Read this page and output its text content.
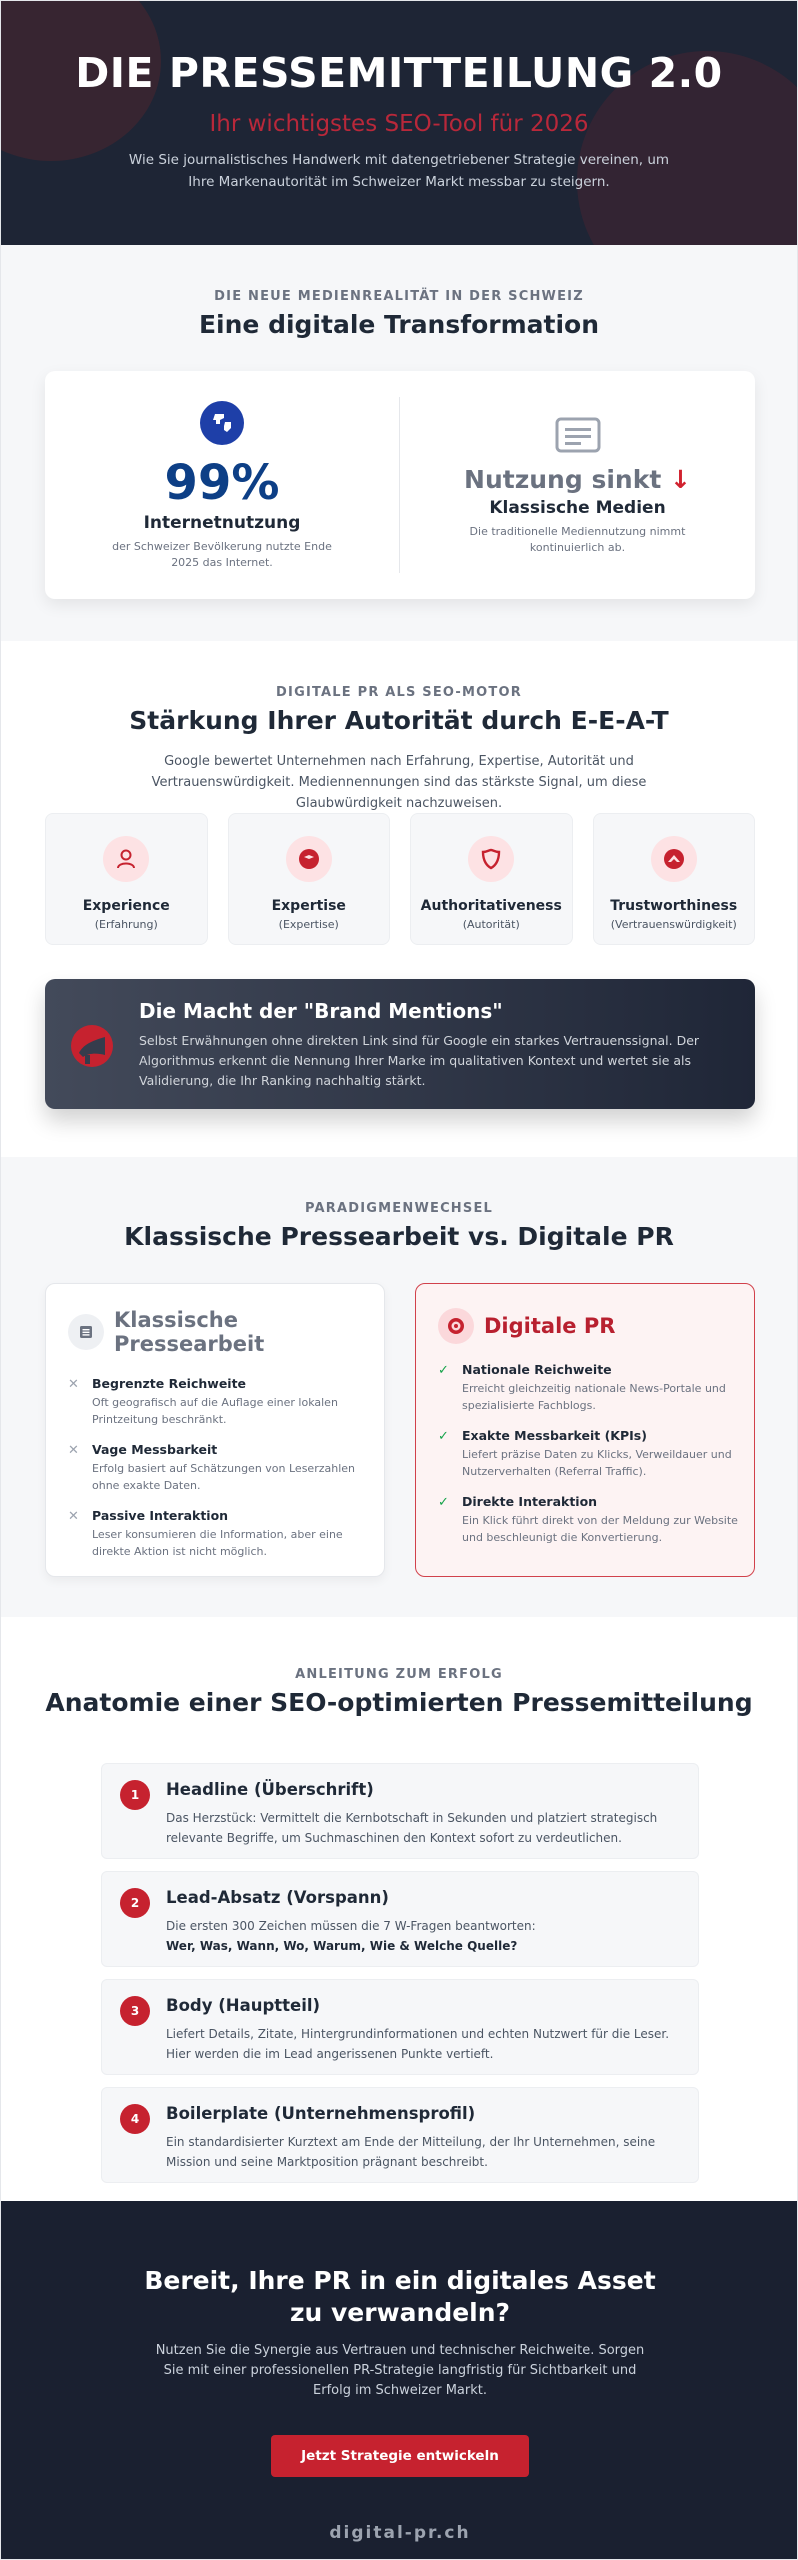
DIE PRESSEMITTEILUNG 2.0
Ihr wichtigstes SEO-Tool für 2026

Wie Sie journalistisches Handwerk mit datengetriebener Strategie vereinen, um Ihre Markenautorität im Schweizer Markt messbar zu steigern.

DIE NEUE MEDIENREALITÄT IN DER SCHWEIZ
Eine digitale Transformation
99%
Internetnutzung
der Schweizer Bevölkerung nutzte Ende 2025 das Internet.
Nutzung sinkt ↓
Klassische Medien
Die traditionelle Mediennutzung nimmt kontinuierlich ab.
DIGITALE PR ALS SEO-MOTOR
Stärkung Ihrer Autorität durch E-E-A-T

Google bewertet Unternehmen nach Erfahrung, Expertise, Autorität und Vertrauenswürdigkeit. Mediennennungen sind das stärkste Signal, um diese Glaubwürdigkeit nachzuweisen.

Experience
(Erfahrung)
Expertise
(Expertise)
Authoritativeness
(Autorität)
Trustworthiness
(Vertrauenswürdigkeit)
Die Macht der "Brand Mentions"
Selbst Erwähnungen ohne direkten Link sind für Google ein starkes Vertrauenssignal. Der Algorithmus erkennt die Nennung Ihrer Marke im qualitativen Kontext und wertet sie als Validierung, die Ihr Ranking nachhaltig stärkt.
PARADIGMENWECHSEL
Klassische Pressearbeit vs. Digitale PR
Klassische Pressearbeit
✕	Begrenzte Reichweite
Oft geografisch auf die Auflage einer lokalen Printzeitung beschränkt.
✕	Vage Messbarkeit
Erfolg basiert auf Schätzungen von Leserzahlen ohne exakte Daten.
✕	Passive Interaktion
Leser konsumieren die Information, aber eine direkte Aktion ist nicht möglich.
Digitale PR
✓	Nationale Reichweite
Erreicht gleichzeitig nationale News-Portale und spezialisierte Fachblogs.
✓	Exakte Messbarkeit (KPIs)
Liefert präzise Daten zu Klicks, Verweildauer und Nutzerverhalten (Referral Traffic).
✓	Direkte Interaktion
Ein Klick führt direkt von der Meldung zur Website und beschleunigt die Konvertierung.
ANLEITUNG ZUM ERFOLG
Anatomie einer SEO-optimierten Pressemitteilung
1	Headline (Überschrift)
Das Herzstück: Vermittelt die Kernbotschaft in Sekunden und platziert strategisch relevante Begriffe, um Suchmaschinen den Kontext sofort zu verdeutlichen.
2	Lead-Absatz (Vorspann)
Die ersten 300 Zeichen müssen die 7 W-Fragen beantworten:
Wer, Was, Wann, Wo, Warum, Wie & Welche Quelle?
3	Body (Hauptteil)
Liefert Details, Zitate, Hintergrundinformationen und echten Nutzwert für die Leser. Hier werden die im Lead angerissenen Punkte vertieft.
4	Boilerplate (Unternehmensprofil)
Ein standardisierter Kurztext am Ende der Mitteilung, der Ihr Unternehmen, seine Mission und seine Marktposition prägnant beschreibt.
Bereit, Ihre PR in ein digitales Asset zu verwandeln?

Nutzen Sie die Synergie aus Vertrauen und technischer Reichweite. Sorgen Sie mit einer professionellen PR-Strategie langfristig für Sichtbarkeit und Erfolg im Schweizer Markt.

Jetzt Strategie entwickeln
digital-pr.ch
